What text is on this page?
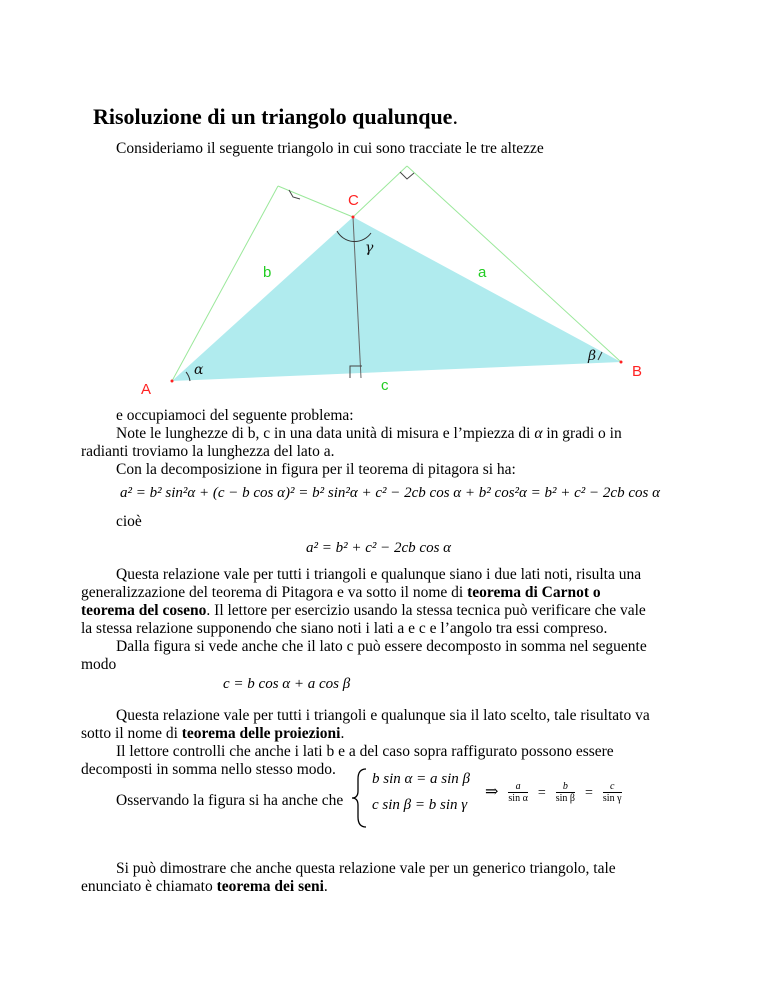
Risoluzione di un triangolo qualunque.

Consideriamo il seguente triangolo in cui sono tracciate le tre altezze

A
B
C
a
b
c
α
β
γ

e occupiamoci del seguente problema:

Note le lunghezze di b, c in una data unità di misura e l’mpiezza di α in gradi o in

radianti troviamo la lunghezza del lato a.

Con la decomposizione in figura per il teorema di pitagora si ha:

a² = b² sin²α + (c − b cos α)² = b² sin²α + c² − 2cb cos α + b² cos²α = b² + c² − 2cb cos α

cioè

a² = b² + c² − 2cb cos α

Questa relazione vale per tutti i triangoli e qualunque siano i due lati noti, risulta una

generalizzazione del teorema di Pitagora e va sotto il nome di teorema di Carnot o

teorema del coseno. Il lettore per esercizio usando la stessa tecnica può verificare che vale

la stessa relazione supponendo che siano noti i lati a e c e l’angolo tra essi compreso.

Dalla figura si vede anche che il lato c può essere decomposto in somma nel seguente

modo

c = b cos α + a cos β

Questa relazione vale per tutti i triangoli e qualunque sia il lato scelto, tale risultato va

sotto il nome di teorema delle proiezioni.

Il lettore controlli che anche i lati b e a del caso sopra raffigurato possono essere

decomposti in somma nello stesso modo.

Osservando la figura si ha anche che

b sin α = a sin β
c sin β = b sin γ
⇒ $\frac{a}{\text{sin α}} = \frac{b}{\text{sin β}} = \frac{c}{\text{sin γ}}$

Si può dimostrare che anche questa relazione vale per un generico triangolo, tale

enunciato è chiamato teorema dei seni.
